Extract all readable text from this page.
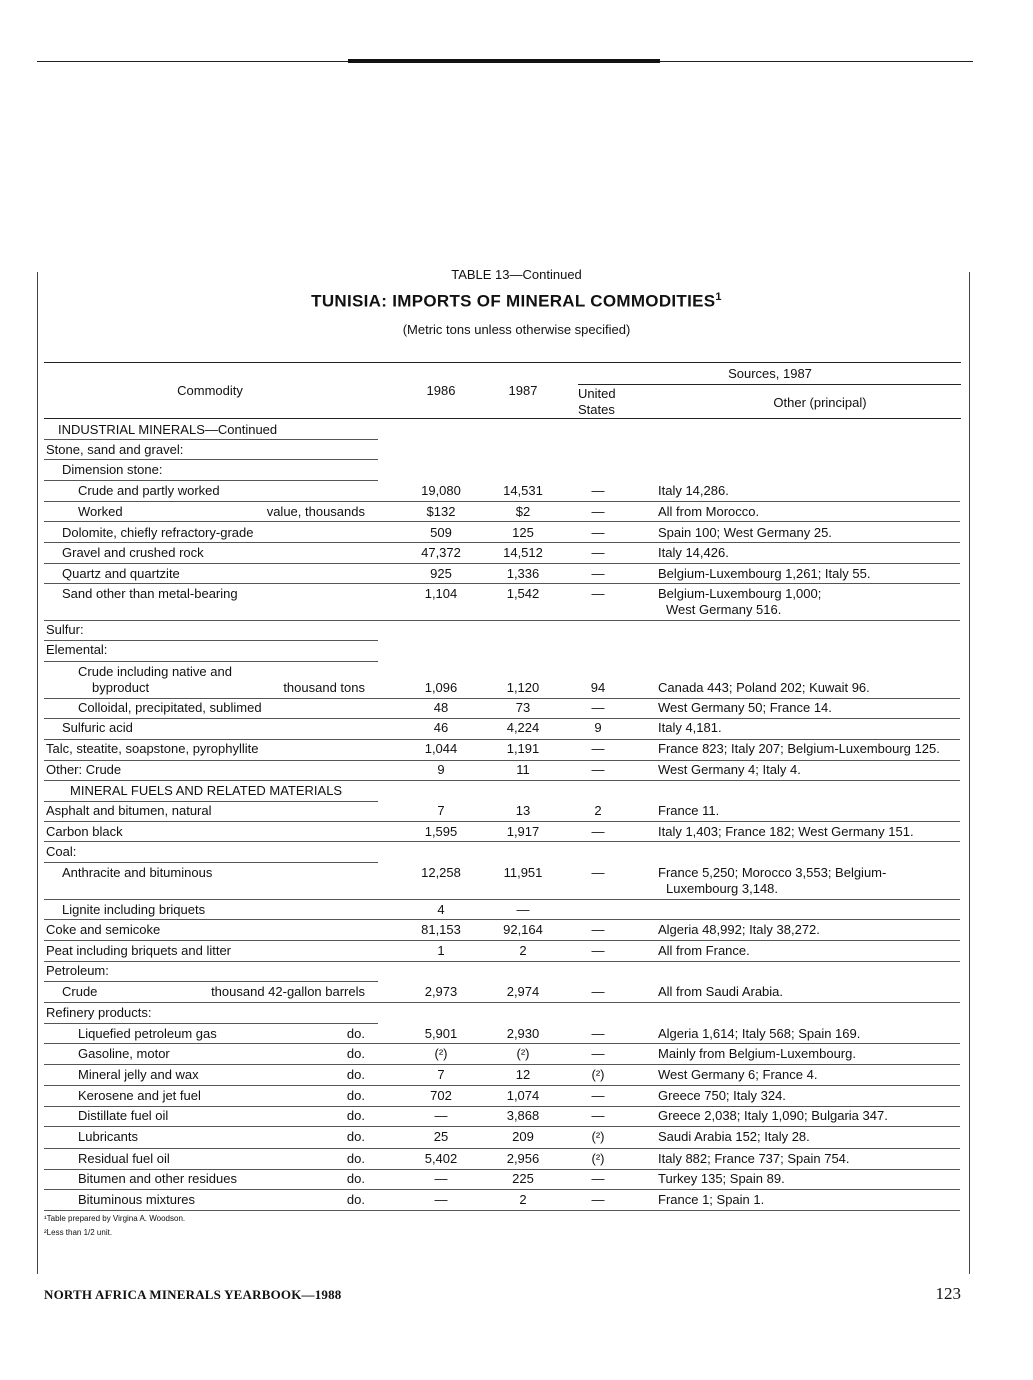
TABLE 13—Continued
TUNISIA: IMPORTS OF MINERAL COMMODITIES$^1$
(Metric tons unless otherwise specified)
Commodity	1986	1987
Sources, 1987
United
States	Other (principal)
INDUSTRIAL MINERALS—Continued
Stone, sand and gravel:
Dimension stone:
Crude and partly worked	19,080	14,531	—	Italy 14,286.
Worked	value, thousands	$132	$2	—	All from Morocco.
Dolomite, chiefly refractory-grade	509	125	—	Spain 100; West Germany 25.
Gravel and crushed rock	47,372	14,512	—	Italy 14,426.
Quartz and quartzite	925	1,336	—	Belgium-Luxembourg 1,261; Italy 55.
Sand other than metal-bearing	1,104	1,542	—	Belgium-Luxembourg 1,000;
West Germany 516.
Sulfur:
Elemental:
Crude including native and
byproduct	thousand tons	1,096	1,120	94	Canada 443; Poland 202; Kuwait 96.
Colloidal, precipitated, sublimed	48	73	—	West Germany 50; France 14.
Sulfuric acid	46	4,224	9	Italy 4,181.
Talc, steatite, soapstone, pyrophyllite	1,044	1,191	—	France 823; Italy 207; Belgium-Luxembourg 125.
Other: Crude	9	11	—	West Germany 4; Italy 4.
MINERAL FUELS AND RELATED MATERIALS
Asphalt and bitumen, natural	7	13	2	France 11.
Carbon black	1,595	1,917	—	Italy 1,403; France 182; West Germany 151.
Coal:
Anthracite and bituminous	12,258	11,951	—	France 5,250; Morocco 3,553; Belgium-
Luxembourg 3,148.
Lignite including briquets	4	—
Coke and semicoke	81,153	92,164	—	Algeria 48,992; Italy 38,272.
Peat including briquets and litter	1	2	—	All from France.
Petroleum:
Crude	thousand 42-gallon barrels	2,973	2,974	—	All from Saudi Arabia.
Refinery products:
Liquefied petroleum gas	do.	5,901	2,930	—	Algeria 1,614; Italy 568; Spain 169.
Gasoline, motor	do.	(²)	(²)	—	Mainly from Belgium-Luxembourg.
Mineral jelly and wax	do.	7	12	(²)	West Germany 6; France 4.
Kerosene and jet fuel	do.	702	1,074	—	Greece 750; Italy 324.
Distillate fuel oil	do.	—	3,868	—	Greece 2,038; Italy 1,090; Bulgaria 347.
Lubricants	do.	25	209	(²)	Saudi Arabia 152; Italy 28.
Residual fuel oil	do.	5,402	2,956	(²)	Italy 882; France 737; Spain 754.
Bitumen and other residues	do.	—	225	—	Turkey 135; Spain 89.
Bituminous mixtures	do.	—	2	—	France 1; Spain 1.
¹Table prepared by Virgina A. Woodson.
²Less than 1/2 unit.
NORTH AFRICA MINERALS YEARBOOK—1988	123
